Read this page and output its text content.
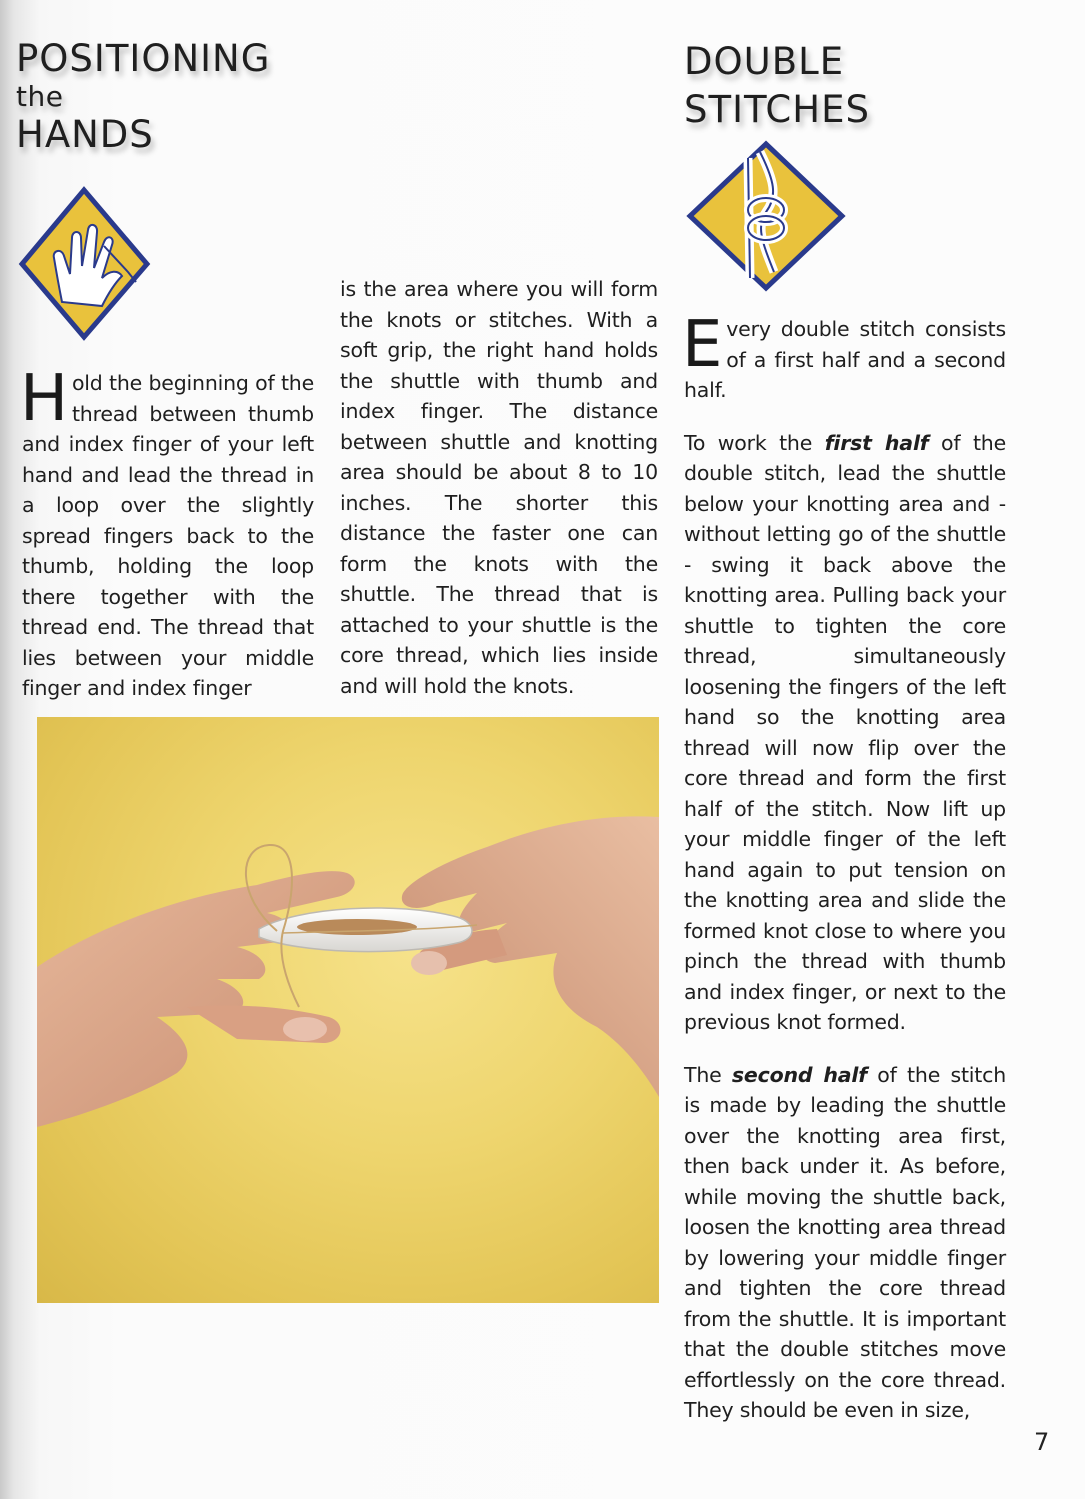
POSITIONING
the
HANDS
DOUBLE
STITCHES
Hold the beginning of the thread between thumb and index finger of your left hand and lead the thread in a loop over the slightly spread fingers back to the thumb, holding the loop there together with the thread end. The thread that lies between your middle finger and index finger
is the area where you will form the knots or stitches. With a soft grip, the right hand holds the shuttle with thumb and index finger. The distance between shuttle and knotting area should be about 8 to 10 inches. The shorter this distance the faster one can form the knots with the shuttle. The thread that is attached to your shuttle is the core thread, which lies inside and will hold the knots.

Every double stitch consists of a first half and a second half.

To work the first half of the double stitch, lead the shuttle below your knotting area and - without letting go of the shuttle - swing it back above the knotting area. Pulling back your shuttle to tighten the core thread, simultaneously loosening the fingers of the left hand so the knotting area thread will now flip over the core thread and form the first half of the stitch. Now lift up your middle finger of the left hand again to put tension on the knotting area and slide the formed knot close to where you pinch the thread with thumb and index finger, or next to the previous knot formed.

The second half of the stitch is made by leading the shuttle over the knotting area first, then back under it. As before, while moving the shuttle back, loosen the knotting area thread by lowering your middle finger and tighten the core thread from the shuttle. It is important that the double stitches move effortlessly on the core thread. They should be even in size,

7
